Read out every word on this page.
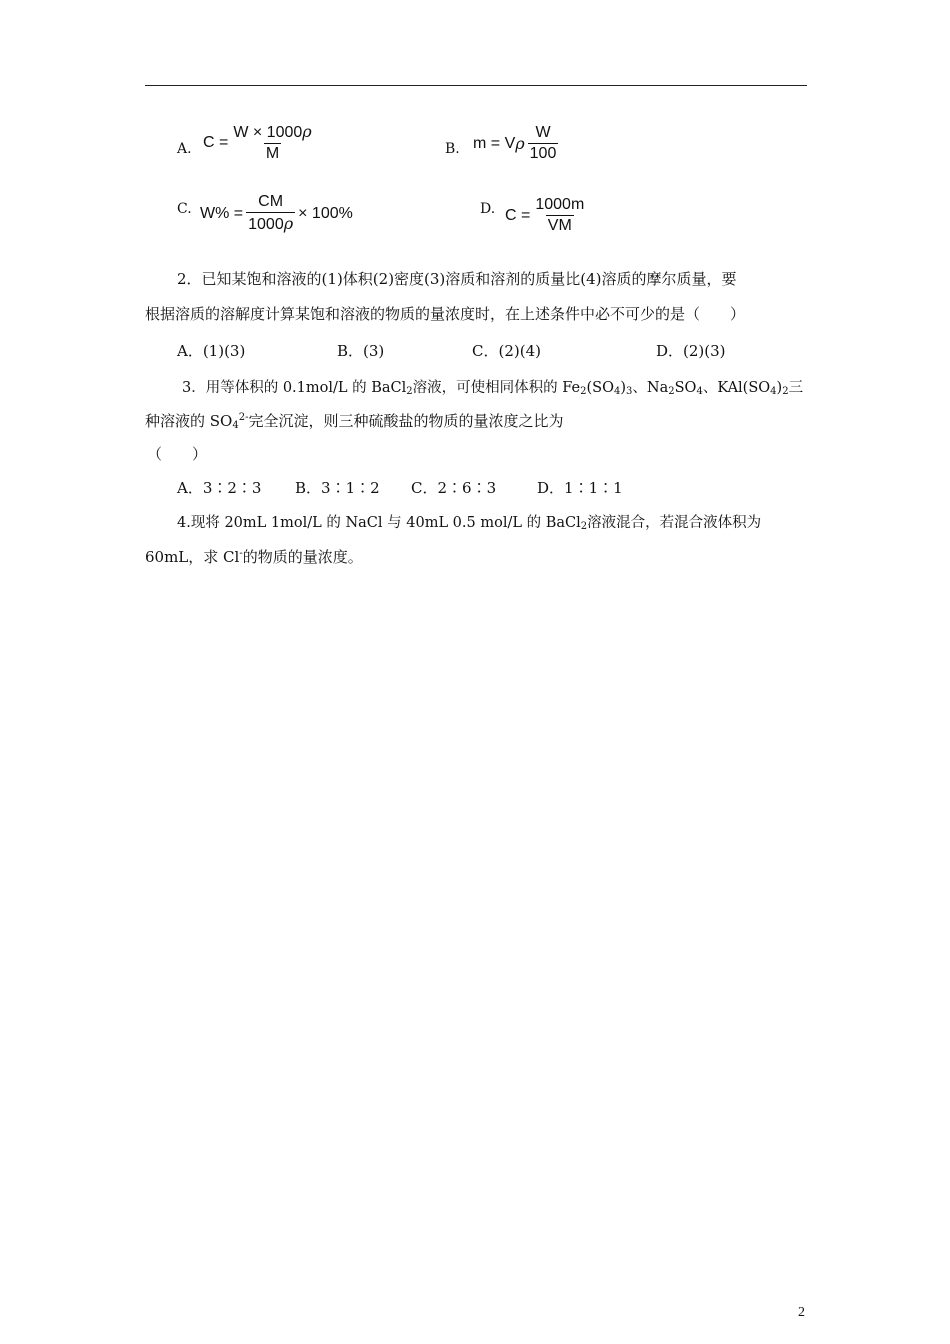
A. $C = \frac{W \times 1000\rho}{M}$	B. m = V ρ $\frac{W}{100}$
C. $W\% = \frac{CM}{1000\rho} \times 100\%$	D. $C = \frac{1000m}{VM}$
2．已知某饱和溶液的(1)体积(2)密度(3)溶质和溶剂的质量比(4)溶质的摩尔质量，要
根据溶质的溶解度计算某饱和溶液的物质的量浓度时，在上述条件中必不可少的是（　　）
A．(1)(3)	B．(3)	C．(2)(4)	D．(2)(3)
3．用等体积的 0.1mol/L 的 BaCl$_2$溶液，可使相同体积的 $Fe_2(SO_4)_3$、$Na_2SO_4$、$KAl(SO_4)_2$三
种溶液的 $SO_4^{2-}$完全沉淀，则三种硫酸盐的物质的量浓度之比为
（　　）
A．3∶2∶3 B．3∶1∶2 C．2∶6∶3	D．1∶1∶1
4.现将 20mL 1mol/L 的 NaCl 与 40mL 0.5 mol/L 的 BaCl$_2$溶液混合，若混合液体积为
60mL，求 Cl-的物质的量浓度。
2
